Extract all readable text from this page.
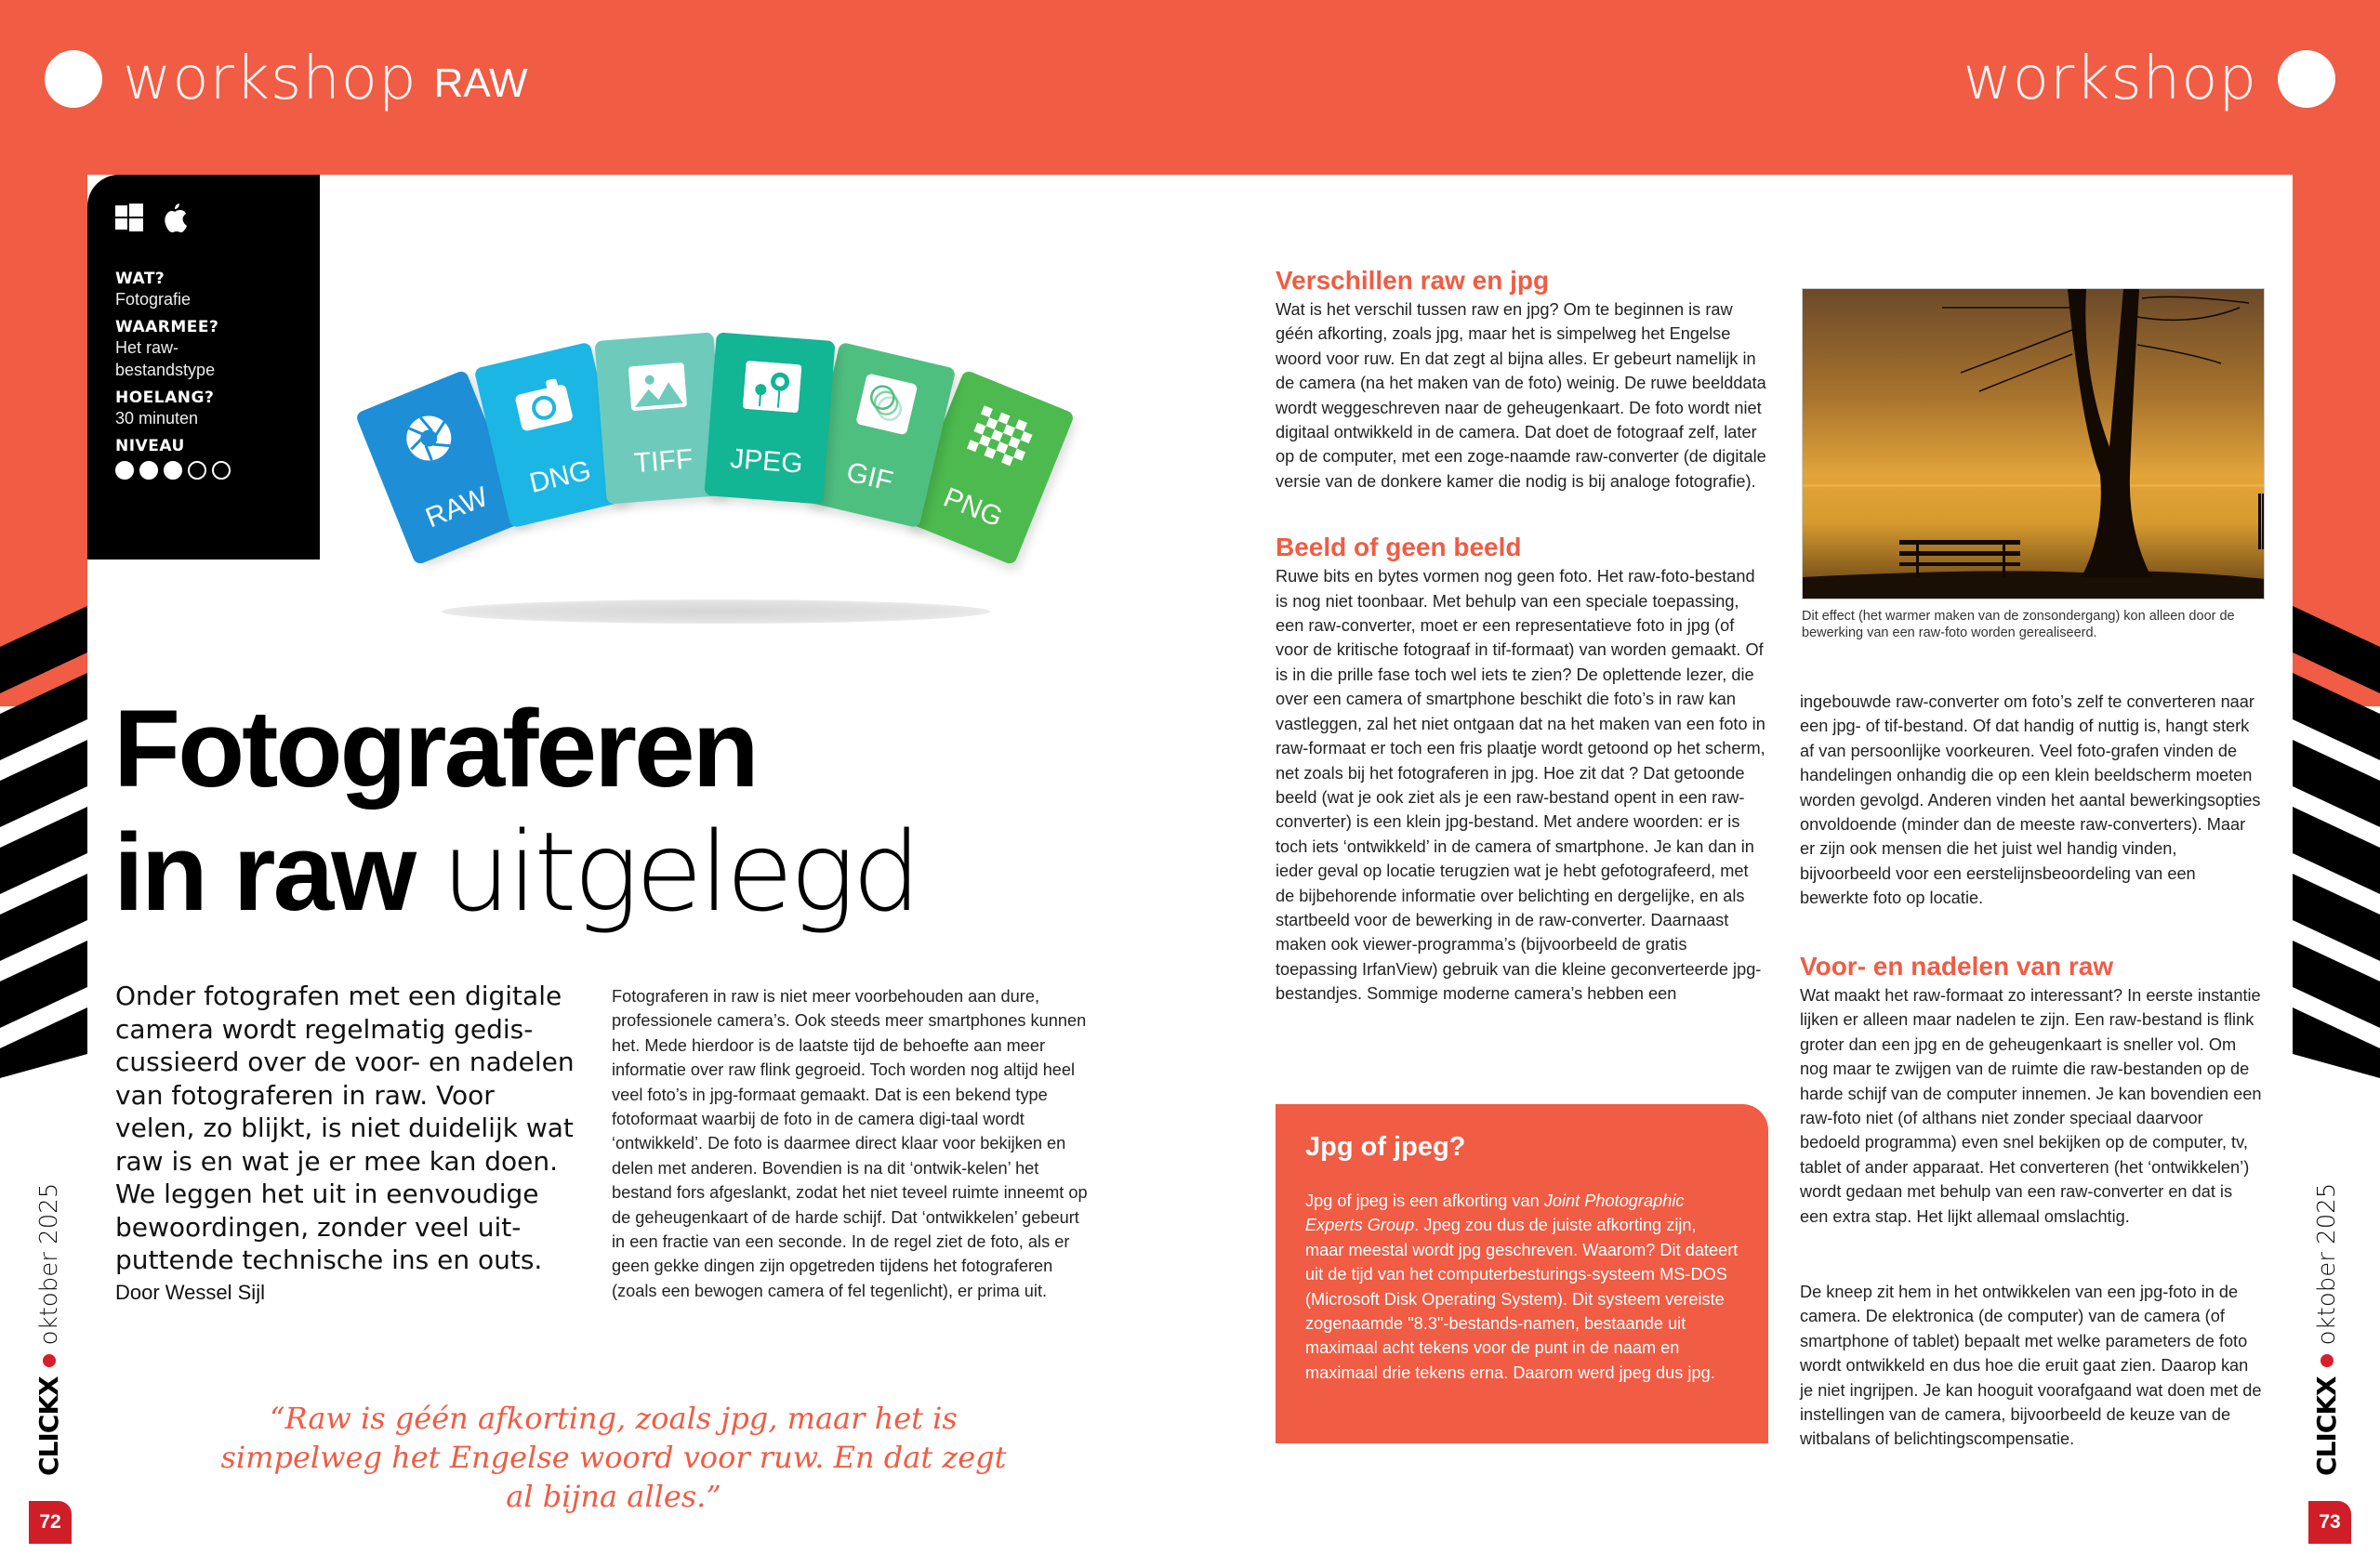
workshop RAW	workshop
WAT?
Fotografie
WAARMEE?
Het raw-bestandstype
HOELANG?
30 minuten
NIVEAU
RAW
DNG TIFF JPEG GIF
PNG
Fotograferen
in raw uitgelegd
Onder fotografen met een digitale camera wordt regelmatig gedis-cussieerd over de voor- en nadelen van fotograferen in raw. Voor velen, zo blijkt, is niet duidelijk wat raw is en wat je er mee kan doen. We leggen het uit in eenvoudige bewoordingen, zonder veel uit-puttende technische ins en outs.
Door Wessel Sijl
Fotograferen in raw is niet meer voorbehouden aan dure, professionele camera’s. Ook steeds meer smartphones kunnen het. Mede hierdoor is de laatste tijd de behoefte aan meer informatie over raw flink gegroeid. Toch worden nog altijd heel veel foto’s in jpg-formaat gemaakt. Dat is een bekend type fotoformaat waarbij de foto in de camera digi-taal wordt ‘ontwikkeld’. De foto is daarmee direct klaar voor bekijken en delen met anderen. Bovendien is na dit ‘ontwik-kelen’ het bestand fors afgeslankt, zodat het niet teveel ruimte inneemt op de geheugenkaart of de harde schijf. Dat ‘ontwikkelen’ gebeurt in een fractie van een seconde. In de regel ziet de foto, als er geen gekke dingen zijn opgetreden tijdens het fotograferen (zoals een bewogen camera of fel tegenlicht), er prima uit.
“Raw is géén afkorting, zoals jpg, maar het is simpelweg het Engelse woord voor ruw. En dat zegt al bijna alles.”
Verschillen raw en jpg
Wat is het verschil tussen raw en jpg? Om te beginnen is raw géén afkorting, zoals jpg, maar het is simpelweg het Engelse woord voor ruw. En dat zegt al bijna alles. Er gebeurt namelijk in de camera (na het maken van de foto) weinig. De ruwe beelddata wordt weggeschreven naar de geheugenkaart. De foto wordt niet digitaal ontwikkeld in de camera. Dat doet de fotograaf zelf, later op de computer, met een zoge-naamde raw-converter (de digitale versie van de donkere kamer die nodig is bij analoge fotografie).
Beeld of geen beeld
Ruwe bits en bytes vormen nog geen foto. Het raw-foto-bestand is nog niet toonbaar. Met behulp van een speciale toepassing, een raw-converter, moet er een representatieve foto in jpg (of voor de kritische fotograaf in tif-formaat) van worden gemaakt. Of is in die prille fase toch wel iets te zien? De oplettende lezer, die over een camera of smartphone beschikt die foto’s in raw kan vastleggen, zal het niet ontgaan dat na het maken van een foto in raw-formaat er toch een fris plaatje wordt getoond op het scherm, net zoals bij het fotograferen in jpg. Hoe zit dat ? Dat getoonde beeld (wat je ook ziet als je een raw-bestand opent in een raw-converter) is een klein jpg-bestand. Met andere woorden: er is toch iets ‘ontwikkeld’ in de camera of smartphone. Je kan dan in ieder geval op locatie terugzien wat je hebt gefotografeerd, met de bijbehorende informatie over belichting en dergelijke, en als startbeeld voor de bewerking in de raw-converter. Daarnaast maken ook viewer-programma’s (bijvoorbeeld de gratis toepassing IrfanView) gebruik van die kleine geconverteerde jpg-bestandjes. Sommige moderne camera’s hebben een
Jpg of jpeg?
Jpg of jpeg is een afkorting van Joint Photographic Experts Group. Jpeg zou dus de juiste afkorting zijn, maar meestal wordt jpg geschreven. Waarom? Dit dateert uit de tijd van het computerbesturings-systeem MS-DOS (Microsoft Disk Operating System). Dit systeem vereiste zogenaamde "8.3"-bestands-namen, bestaande uit maximaal acht tekens voor de punt in de naam en maximaal drie tekens erna. Daarom werd jpeg dus jpg.
Dit effect (het warmer maken van de zonsondergang) kon alleen door de bewerking van een raw-foto worden gerealiseerd.
ingebouwde raw-converter om foto’s zelf te converteren naar een jpg- of tif-bestand. Of dat handig of nuttig is, hangt sterk af van persoonlijke voorkeuren. Veel foto-grafen vinden de handelingen onhandig die op een klein beeldscherm moeten worden gevolgd. Anderen vinden het aantal bewerkingsopties onvoldoende (minder dan de meeste raw-converters). Maar er zijn ook mensen die het juist wel handig vinden, bijvoorbeeld voor een eerstelijnsbeoordeling van een bewerkte foto op locatie.
Voor- en nadelen van raw
Wat maakt het raw-formaat zo interessant? In eerste instantie lijken er alleen maar nadelen te zijn. Een raw-bestand is flink groter dan een jpg en de geheugenkaart is sneller vol. Om nog maar te zwijgen van de ruimte die raw-bestanden op de harde schijf van de computer innemen. Je kan bovendien een raw-foto niet (of althans niet zonder speciaal daarvoor bedoeld programma) even snel bekijken op de computer, tv, tablet of ander apparaat. Het converteren (het ‘ontwikkelen’) wordt gedaan met behulp van een raw-converter en dat is een extra stap. Het lijkt allemaal omslachtig.
De kneep zit hem in het ontwikkelen van een jpg-foto in de camera. De elektronica (de computer) van de camera (of smartphone of tablet) bepaalt met welke parameters de foto wordt ontwikkeld en dus hoe die eruit gaat zien. Daarop kan je niet ingrijpen. Je kan hooguit voorafgaand wat doen met de instellingen van de camera, bijvoorbeeld de keuze van de witbalans of belichtingscompensatie.
CLICKX
oktober 2025
CLICKX
oktober 2025
72	73
